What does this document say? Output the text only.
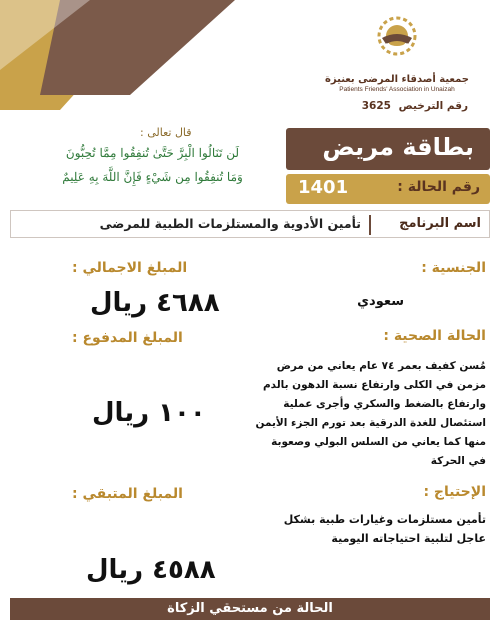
جمعية أصدقاء المرضى بعنيزة
Patients Friends' Association in Unaizah
رقم الترخيص 3625
قال تعالى :
لَن تَنَالُوا الْبِرَّ حَتَّىٰ تُنفِقُوا مِمَّا تُحِبُّونَ
وَمَا تُنفِقُوا مِن شَيْءٍ فَإِنَّ اللَّهَ بِهِ عَلِيمٌ
بطاقة مريض
رقم الحالة :
1401
اسم البرنامج
تأمين الأدوية والمستلزمات الطبية للمرضى
الجنسية :
سعودي
الحالة الصحية :
مُسن كفيف بعمر ٧٤ عام يعاني من مرض مزمن في الكلى وارتفاع نسبة الدهون بالدم وارتفاع بالضغط والسكري وأجرى عملية استئصال للغدة الدرقية بعد تورم الجزء الأيمن منها كما يعاني من السلس البولي وصعوبة في الحركة
الإحتياج :
تأمين مستلزمات وغيارات طبية بشكل عاجل لتلبية احتياجاته اليومية
المبلغ الاجمالي :
٤٦٨٨ ريال
المبلغ المدفوع :
١٠٠ ريال
المبلغ المتبقي :
٤٥٨٨ ريال
الحالة من مستحقي الزكاة
